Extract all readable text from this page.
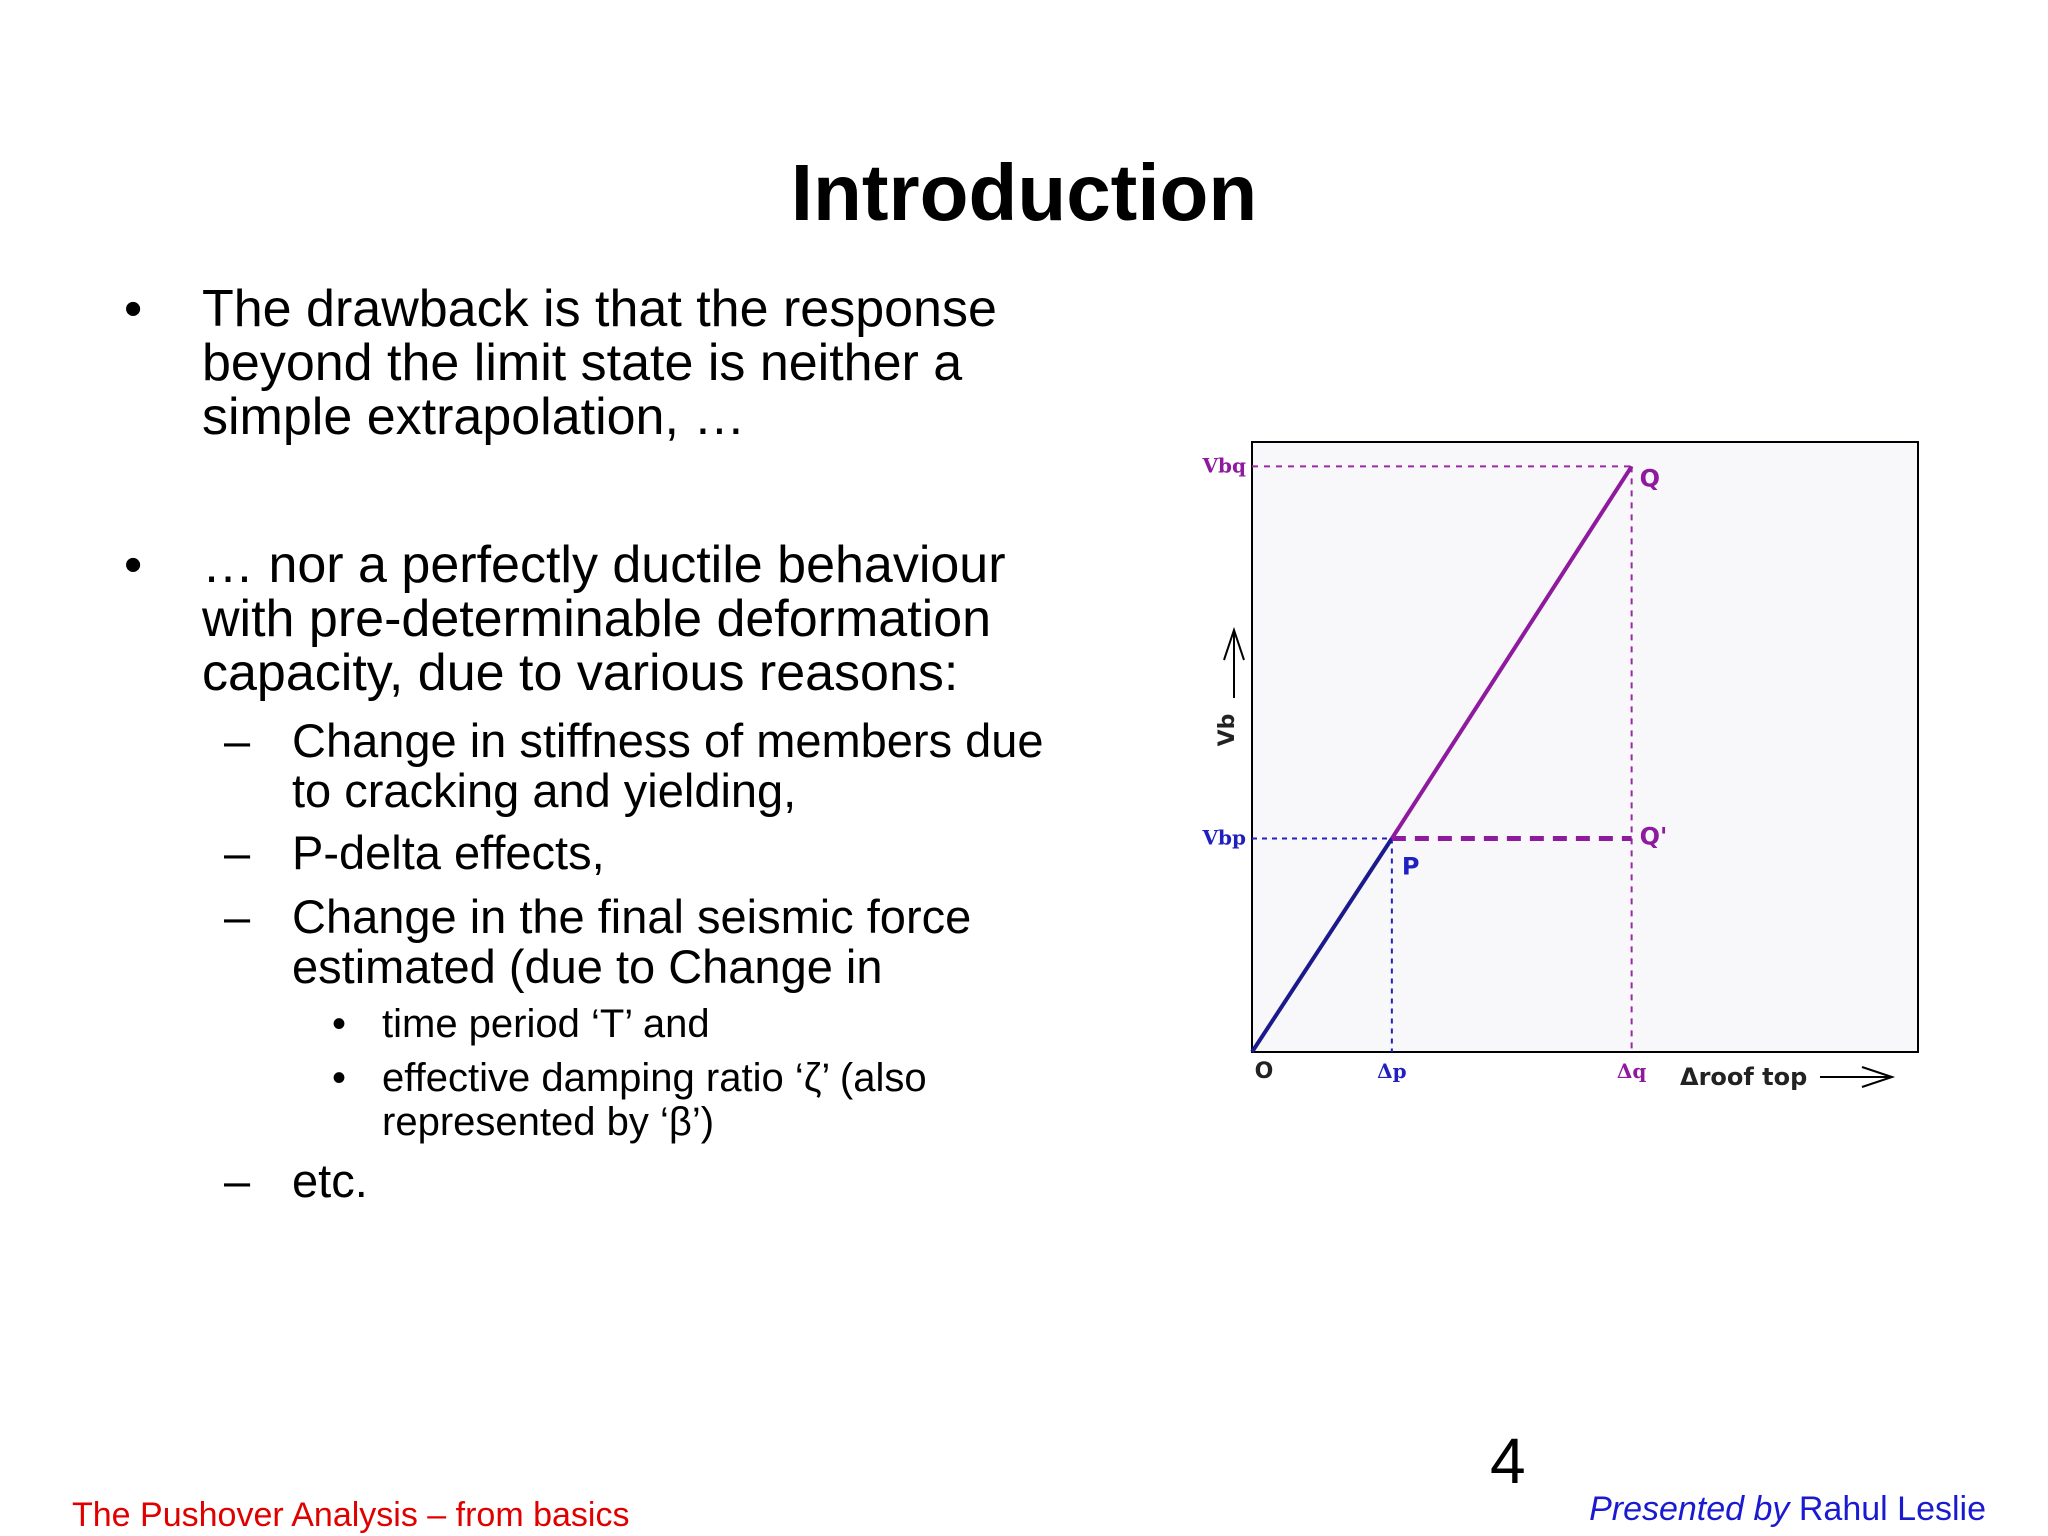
Introduction
• The drawback is that the response
beyond the limit state is neither a
simple extrapolation, …
• … nor a perfectly ductile behaviour
with pre-determinable deformation
capacity, due to various reasons:
– Change in stiffness of members due
to cracking and yielding,
– P-delta effects,
– Change in the final seismic force
estimated (due to Change in
• time period ‘T’ and
• effective damping ratio ‘ζ’ (also
represented by ‘β’)
– etc.
P
Q
Q'
Vbp
Vbq
Δp	Δq
O
Vb
Δroof top
4
The Pushover Analysis – from basics	Presented by Rahul Leslie
